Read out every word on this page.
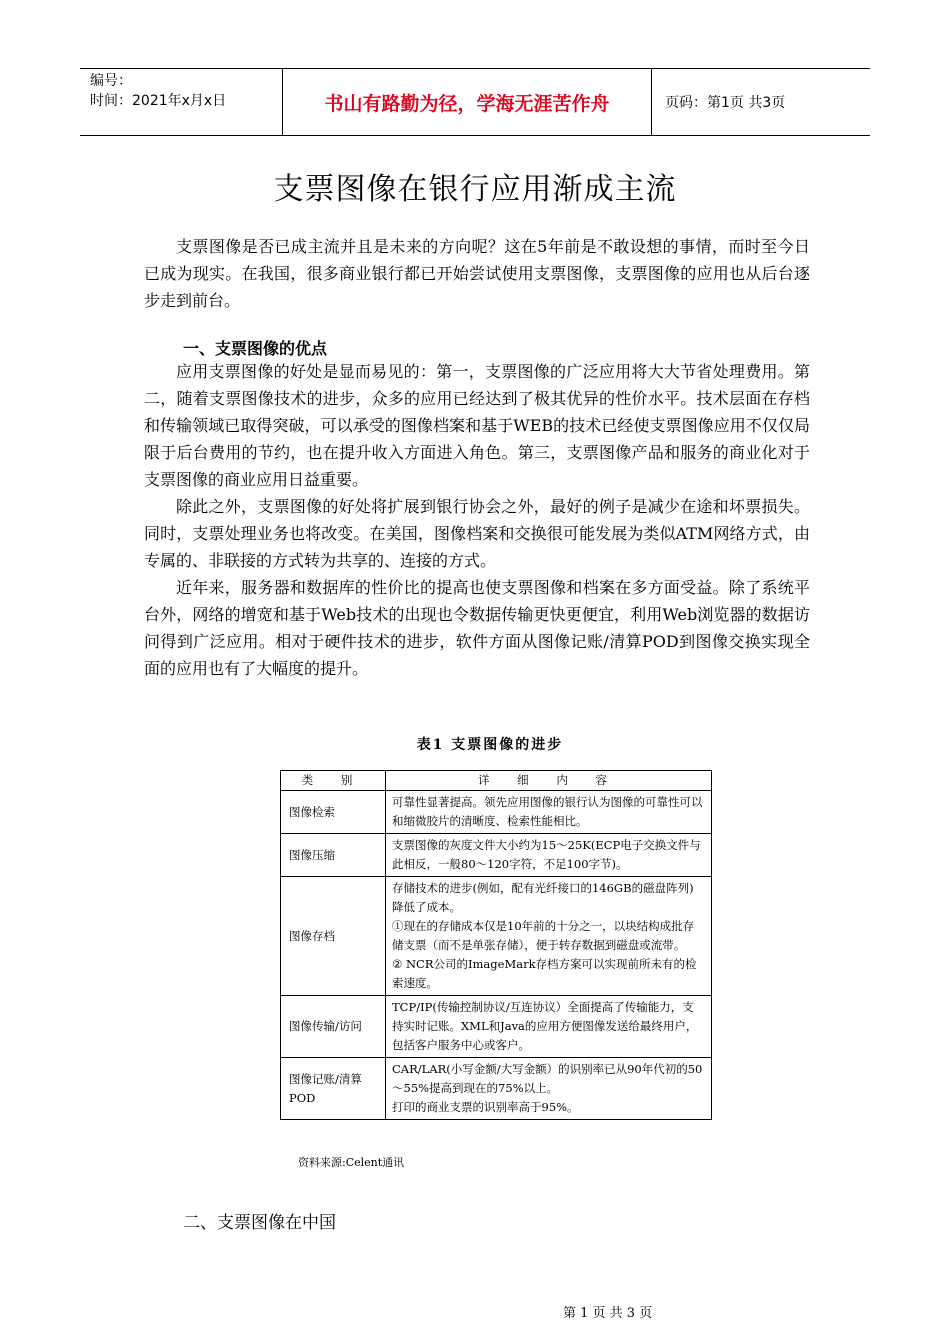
编号：
时间：2021年x月x日	书山有路勤为径，学海无涯苦作舟	页码：第1页 共3页
支票图像在银行应用渐成主流

支票图像是否已成主流并且是未来的方向呢？这在5年前是不敢设想的事情，而时至今日已成为现实。在我国，很多商业银行都已开始尝试使用支票图像，支票图像的应用也从后台逐步走到前台。

一、支票图像的优点

应用支票图像的好处是显而易见的：第一，支票图像的广泛应用将大大节省处理费用。第二，随着支票图像技术的进步，众多的应用已经达到了极其优异的性价水平。技术层面在存档和传输领域已取得突破，可以承受的图像档案和基于WEB的技术已经使支票图像应用不仅仅局限于后台费用的节约，也在提升收入方面进入角色。第三，支票图像产品和服务的商业化对于支票图像的商业应用日益重要。

除此之外，支票图像的好处将扩展到银行协会之外，最好的例子是减少在途和坏票损失。同时，支票处理业务也将改变。在美国，图像档案和交换很可能发展为类似ATM网络方式，由专属的、非联接的方式转为共享的、连接的方式。

近年来，服务器和数据库的性价比的提高也使支票图像和档案在多方面受益。除了系统平台外，网络的增宽和基于Web技术的出现也令数据传输更快更便宜，利用Web浏览器的数据访问得到广泛应用。相对于硬件技术的进步，软件方面从图像记账/清算POD到图像交换实现全面的应用也有了大幅度的提升。

表1 支票图像的进步
类 别	详 细 内 容
图像检索	可靠性显著提高。领先应用图像的银行认为图像的可靠性可以和缩微胶片的清晰度、检索性能相比。

图像压缩	支票图像的灰度文件大小约为15～25K(ECP电子交换文件与此相反，一般80～120字符，不足100字节)。

图像存档	存储技术的进步(例如，配有光纤接口的146GB的磁盘阵列)降低了成本。
①现在的存储成本仅是10年前的十分之一，以块结构成批存储支票（而不是单张存储），便于转存数据到磁盘或流带。
② NCR公司的ImageMark存档方案可以实现前所未有的检索速度。

图像传输/访问	TCP/IP(传输控制协议/互连协议）全面提高了传输能力，支持实时记账。XML和Java的应用方便图像发送给最终用户，包括客户服务中心或客户。

图像记账/清算POD	CAR/LAR(小写金额/大写金额）的识别率已从90年代初的50～55%提高到现在的75%以上。
打印的商业支票的识别率高于95%。
资料来源:Celent通讯
二、支票图像在中国
第 1 页 共 3 页
